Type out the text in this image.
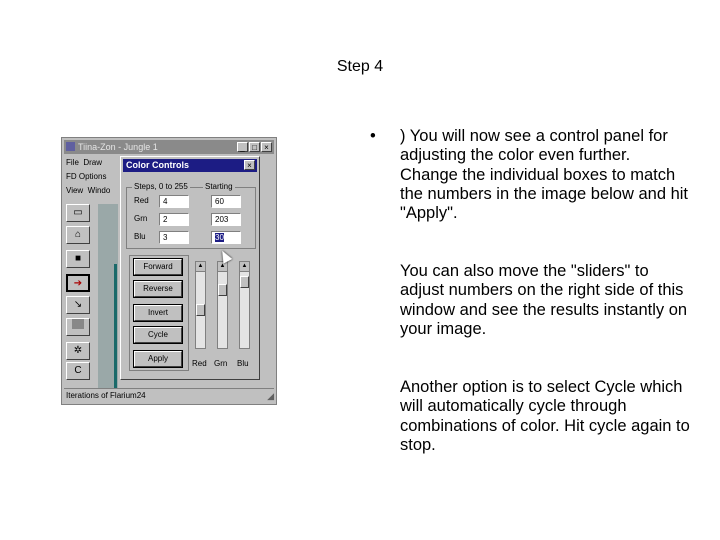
Step 4
Tiina-Zon - Jungle 1	_ □ ×
File Draw
FD Options
View Windo
▭
⌂
■
➔
↘
✲
C
Iterations of Flarium24	◢
Color Controls	×
Steps, 0 to 255 Starting
Red	4	60
Grn	2	203
Blu	3	30
Forward
Reverse
Invert
Cycle
Apply
▲	▲	▲
Red Grn Blu
• ) You will now see a control panel for adjusting the color even further. Change the individual boxes to match the numbers in the image below and hit "Apply".

You can also move the "sliders" to adjust numbers on the right side of this window and see the results instantly on your image.

Another option is to select Cycle which will automatically cycle through combinations of color. Hit cycle again to stop.
